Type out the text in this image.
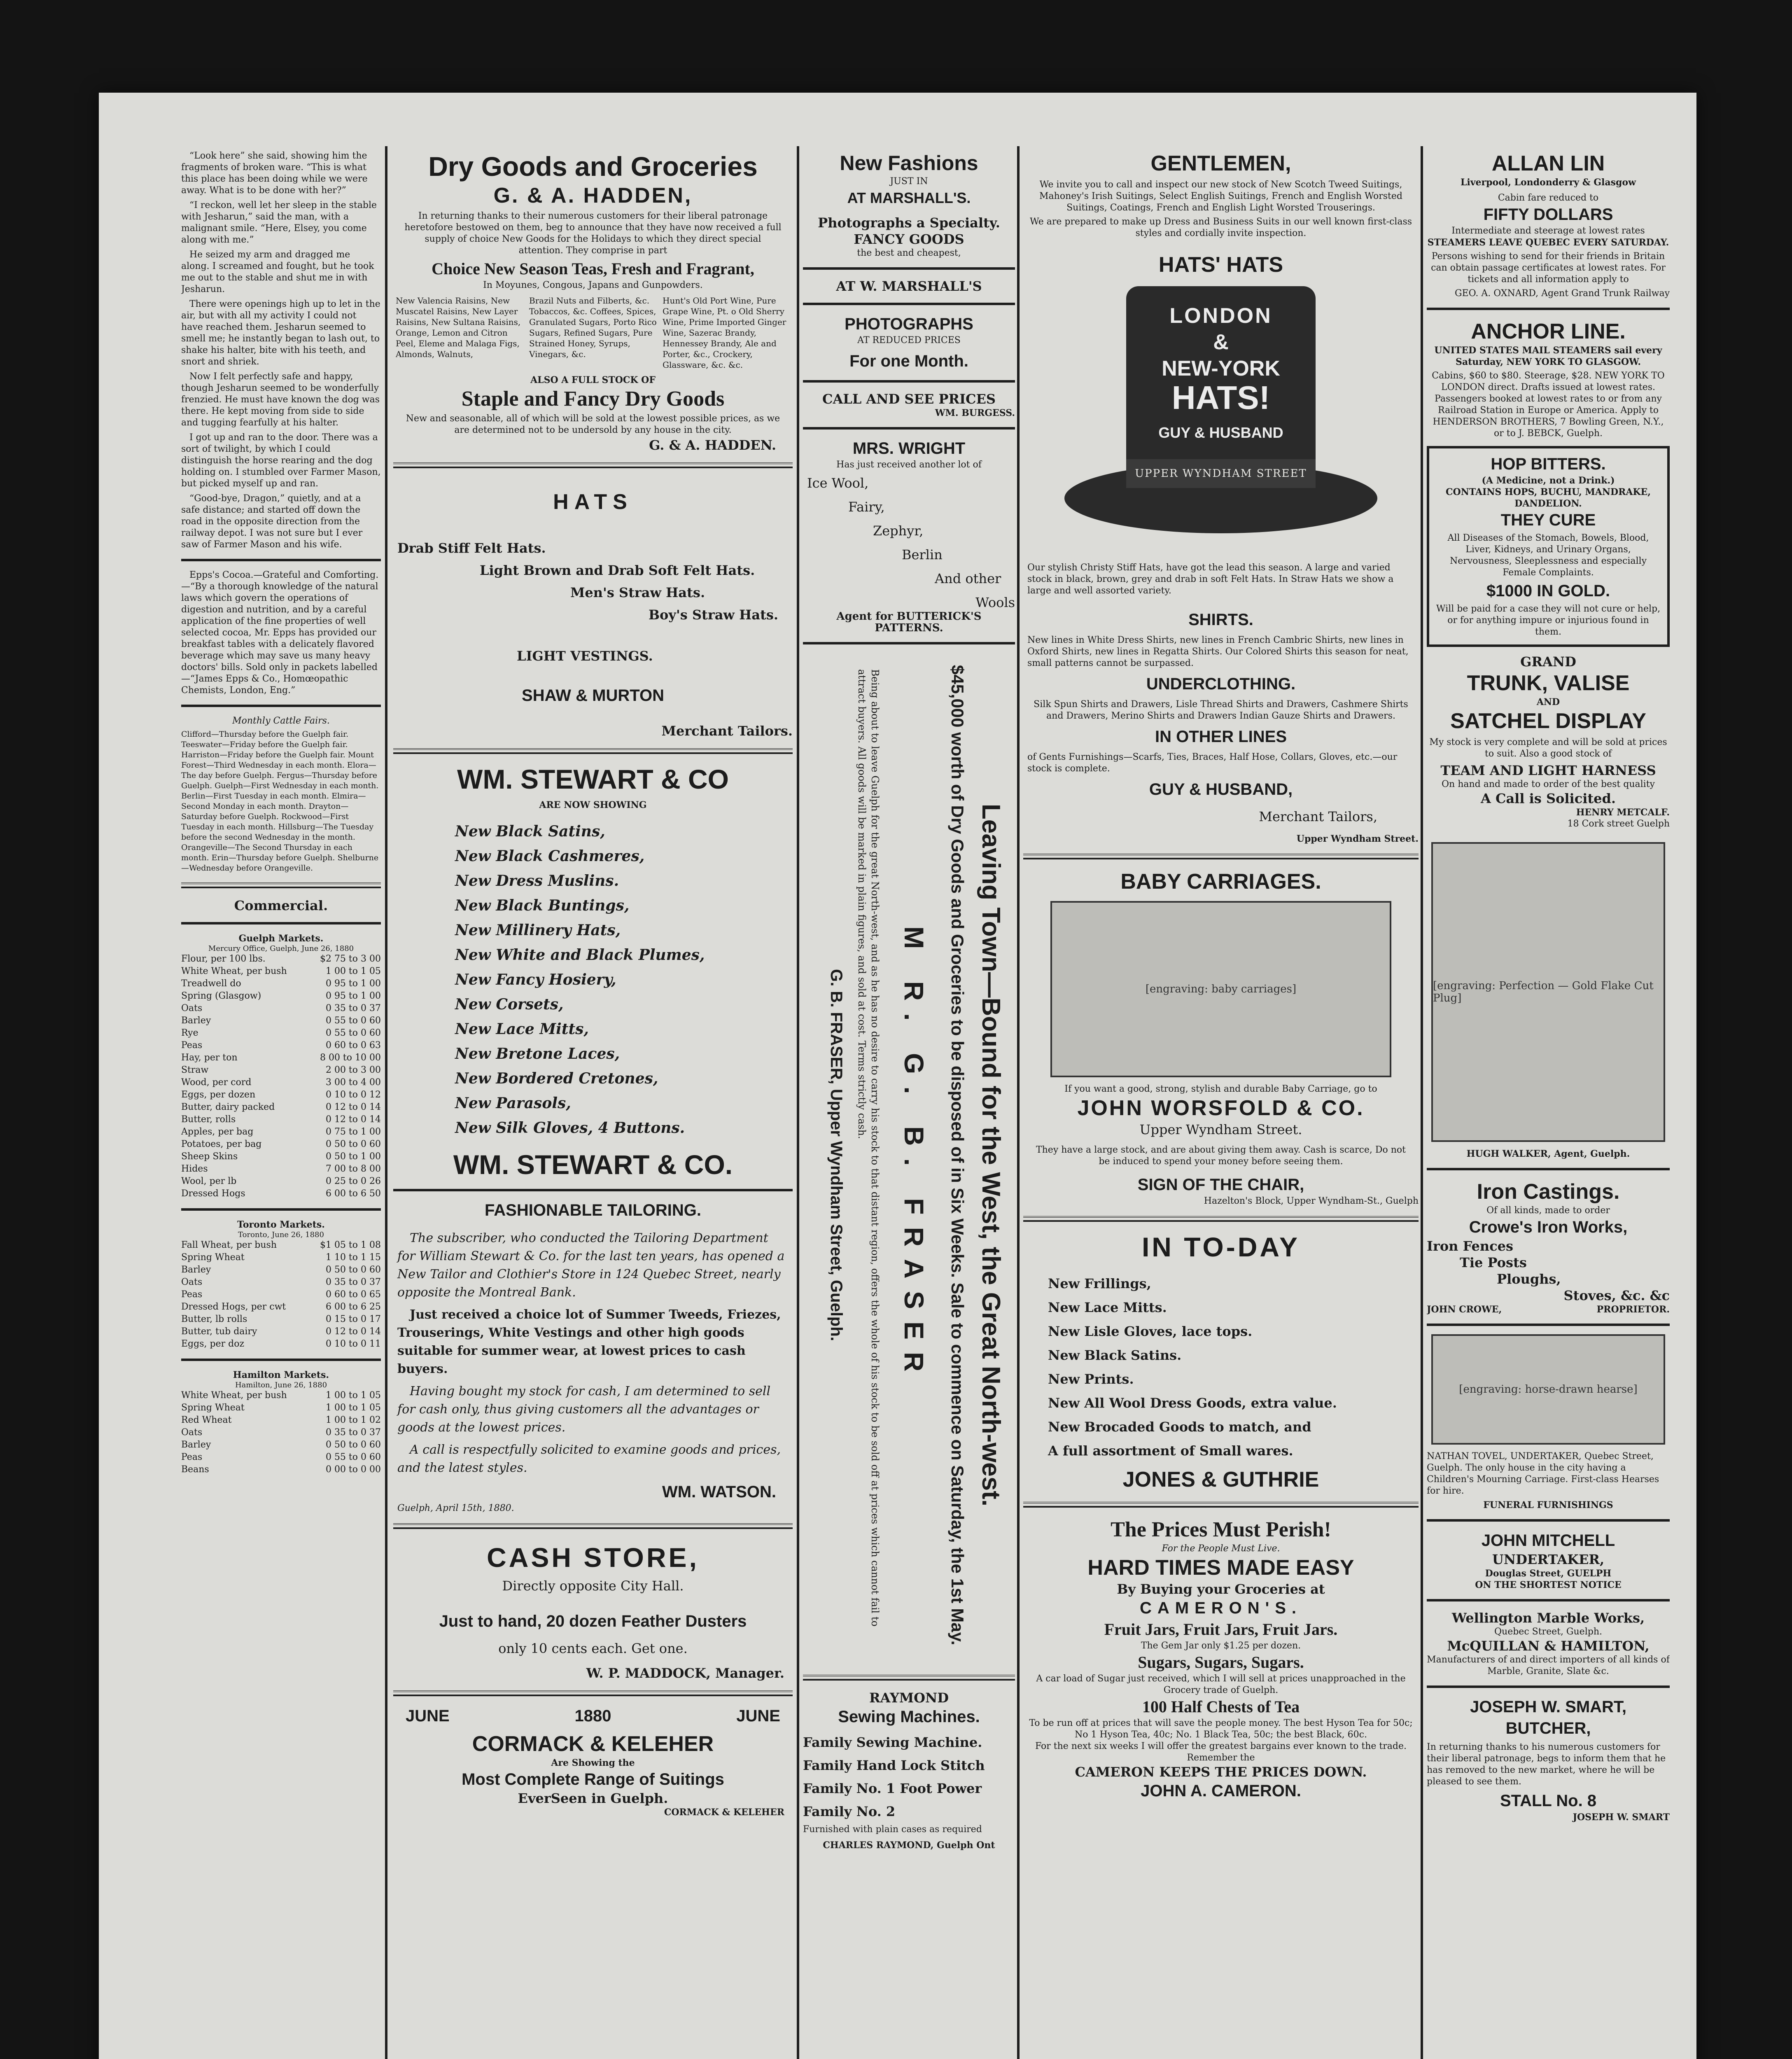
“Look here” she said, showing him the fragments of broken ware. “This is what this place has been doing while we were away. What is to be done with her?”

“I reckon, well let her sleep in the stable with Jesharun,” said the man, with a malignant smile. “Here, Elsey, you come along with me.”

He seized my arm and dragged me along. I screamed and fought, but he took me out to the stable and shut me in with Jesharun.

There were openings high up to let in the air, but with all my activity I could not have reached them. Jesharun seemed to smell me; he instantly began to lash out, to shake his halter, bite with his teeth, and snort and shriek.

Now I felt perfectly safe and happy, though Jesharun seemed to be wonderfully frenzied. He must have known the dog was there. He kept moving from side to side and tugging fearfully at his halter.

I got up and ran to the door. There was a sort of twilight, by which I could distinguish the horse rearing and the dog holding on. I stumbled over Farmer Mason, but picked myself up and ran.

“Good-bye, Dragon,” quietly, and at a safe distance; and started off down the road in the opposite direction from the railway depot. I was not sure but I ever saw of Farmer Mason and his wife.

Epps's Cocoa.—Grateful and Comforting.—“By a thorough knowledge of the natural laws which govern the operations of digestion and nutrition, and by a careful application of the fine properties of well selected cocoa, Mr. Epps has provided our breakfast tables with a delicately flavored beverage which may save us many heavy doctors' bills. Sold only in packets labelled—“James Epps & Co., Homœopathic Chemists, London, Eng.”

Monthly Cattle Fairs.

Clifford—Thursday before the Guelph fair. Teeswater—Friday before the Guelph fair. Harriston—Friday before the Guelph fair. Mount Forest—Third Wednesday in each month. Elora—The day before Guelph. Fergus—Thursday before Guelph. Guelph—First Wednesday in each month. Berlin—First Tuesday in each month. Elmira—Second Monday in each month. Drayton—Saturday before Guelph. Rockwood—First Tuesday in each month. Hillsburg—The Tuesday before the second Wednesday in the month. Orangeville—The Second Thursday in each month. Erin—Thursday before Guelph. Shelburne—Wednesday before Orangeville.

Commercial.
Guelph Markets.
Mercury Office, Guelph, June 26, 1880
Flour, per 100 lbs.	$2 75 to 3 00
White Wheat, per bush	1 00 to 1 05
Treadwell do	0 95 to 1 00
Spring (Glasgow)	0 95 to 1 00
Oats	0 35 to 0 37
Barley	0 55 to 0 60
Rye	0 55 to 0 60
Peas	0 60 to 0 63
Hay, per ton	8 00 to 10 00
Straw	2 00 to 3 00
Wood, per cord	3 00 to 4 00
Eggs, per dozen	0 10 to 0 12
Butter, dairy packed	0 12 to 0 14
Butter, rolls	0 12 to 0 14
Apples, per bag	0 75 to 1 00
Potatoes, per bag	0 50 to 0 60
Sheep Skins	0 50 to 1 00
Hides	7 00 to 8 00
Wool, per lb	0 25 to 0 26
Dressed Hogs	6 00 to 6 50
Toronto Markets.
Toronto, June 26, 1880
Fall Wheat, per bush	$1 05 to 1 08
Spring Wheat	1 10 to 1 15
Barley	0 50 to 0 60
Oats	0 35 to 0 37
Peas	0 60 to 0 65
Dressed Hogs, per cwt	6 00 to 6 25
Butter, lb rolls	0 15 to 0 17
Butter, tub dairy	0 12 to 0 14
Eggs, per doz	0 10 to 0 11
Hamilton Markets.
Hamilton, June 26, 1880
White Wheat, per bush	1 00 to 1 05
Spring Wheat	1 00 to 1 05
Red Wheat	1 00 to 1 02
Oats	0 35 to 0 37
Barley	0 50 to 0 60
Peas	0 55 to 0 60
Beans	0 00 to 0 00
Dry Goods and Groceries
G. & A. HADDEN,

In returning thanks to their numerous customers for their liberal patronage heretofore bestowed on them, beg to announce that they have now received a full supply of choice New Goods for the Holidays to which they direct special attention. They comprise in part

Choice New Season Teas, Fresh and Fragrant,
In Moyunes, Congous, Japans and Gunpowders.
New Valencia Raisins, New Muscatel Raisins, New Layer Raisins, New Sultana Raisins, Orange, Lemon and Citron Peel, Eleme and Malaga Figs, Almonds, Walnuts,
Brazil Nuts and Filberts, &c. Tobaccos, &c. Coffees, Spices, Granulated Sugars, Porto Rico Sugars, Refined Sugars, Pure Strained Honey, Syrups, Vinegars, &c.
Hunt's Old Port Wine, Pure Grape Wine, Pt. o Old Sherry Wine, Prime Imported Ginger Wine, Sazerac Brandy, Hennessey Brandy, Ale and Porter, &c., Crockery, Glassware, &c. &c.
ALSO A FULL STOCK OF
Staple and Fancy Dry Goods

New and seasonable, all of which will be sold at the lowest possible prices, as we are determined not to be undersold by any house in the city.

G. & A. HADDEN.
HATS
Drab Stiff Felt Hats.
Light Brown and Drab Soft Felt Hats.
Men's Straw Hats.
Boy's Straw Hats.
LIGHT VESTINGS.
SHAW & MURTON
Merchant Tailors.
WM. STEWART & CO
ARE NOW SHOWING
New Black Satins,
New Black Cashmeres,
New Dress Muslins.
New Black Buntings,
New Millinery Hats,
New White and Black Plumes,
New Fancy Hosiery,
New Corsets,
New Lace Mitts,
New Bretone Laces,
New Bordered Cretones,
New Parasols,
New Silk Gloves, 4 Buttons.
WM. STEWART & CO.
FASHIONABLE TAILORING.

The subscriber, who conducted the Tailoring Department for William Stewart & Co. for the last ten years, has opened a New Tailor and Clothier's Store in 124 Quebec Street, nearly opposite the Montreal Bank.

Just received a choice lot of Summer Tweeds, Friezes, Trouserings, White Vestings and other high goods suitable for summer wear, at lowest prices to cash buyers.

Having bought my stock for cash, I am determined to sell for cash only, thus giving customers all the advantages or goods at the lowest prices.

A call is respectfully solicited to examine goods and prices, and the latest styles.

WM. WATSON.
Guelph, April 15th, 1880.
CASH STORE,
Directly opposite City Hall.
Just to hand, 20 dozen Feather Dusters
only 10 cents each. Get one.
W. P. MADDOCK, Manager.
JUNE	1880	JUNE
CORMACK & KELEHER
Are Showing the
Most Complete Range of Suitings
EverSeen in Guelph.
CORMACK & KELEHER
New Fashions
JUST IN
AT MARSHALL'S.
Photographs a Specialty.
FANCY GOODS
the best and cheapest,
AT W. MARSHALL'S
PHOTOGRAPHS
AT REDUCED PRICES
For one Month.
CALL AND SEE PRICES
WM. BURGESS.
MRS. WRIGHT
Has just received another lot of
Ice Wool,
Fairy,
Zephyr,
Berlin
And other
Wools
Agent for BUTTERICK'S PATTERNS.
Leaving Town—Bound for the West, the Great North-west.
$45,000 worth of Dry Goods and Groceries to be disposed of in Six Weeks. Sale to commence on Saturday, the 1st May.
M R. G. B. FRASER

Being about to leave Guelph for the great North-west, and as he has no desire to carry his stock to that distant region, offers the whole of his stock to be sold off at prices which cannot fail to attract buyers. All goods will be marked in plain figures, and sold at cost. Terms strictly cash.

G. B. FRASER, Upper Wyndham Street, Guelph.
RAYMOND
Sewing Machines.
Family Sewing Machine.
Family Hand Lock Stitch
Family No. 1 Foot Power
Family No. 2
Furnished with plain cases as required
CHARLES RAYMOND, Guelph Ont
GENTLEMEN,

We invite you to call and inspect our new stock of New Scotch Tweed Suitings, Mahoney's Irish Suitings, Select English Suitings, French and English Worsted Suitings, Coatings, French and English Light Worsted Trouserings.

We are prepared to make up Dress and Business Suits in our well known first-class styles and cordially invite inspection.

HATS' HATS
LONDON
&
NEW-YORK
HATS!
GUY & HUSBAND
UPPER WYNDHAM STREET

Our stylish Christy Stiff Hats, have got the lead this season. A large and varied stock in black, brown, grey and drab in soft Felt Hats. In Straw Hats we show a large and well assorted variety.

SHIRTS.

New lines in White Dress Shirts, new lines in French Cambric Shirts, new lines in Oxford Shirts, new lines in Regatta Shirts. Our Colored Shirts this season for neat, small patterns cannot be surpassed.

UNDERCLOTHING.

Silk Spun Shirts and Drawers, Lisle Thread Shirts and Drawers, Cashmere Shirts and Drawers, Merino Shirts and Drawers Indian Gauze Shirts and Drawers.

IN OTHER LINES

of Gents Furnishings—Scarfs, Ties, Braces, Half Hose, Collars, Gloves, etc.—our stock is complete.

GUY & HUSBAND,
Merchant Tailors,
Upper Wyndham Street.
BABY CARRIAGES.
[engraving: baby carriages]
If you want a good, strong, stylish and durable Baby Carriage, go to
JOHN WORSFOLD & CO.
Upper Wyndham Street.

They have a large stock, and are about giving them away. Cash is scarce, Do not be induced to spend your money before seeing them.

SIGN OF THE CHAIR,
Hazelton's Block, Upper Wyndham-St., Guelph
IN TO-DAY
New Frillings,
New Lace Mitts.
New Lisle Gloves, lace tops.
New Black Satins.
New Prints.
New All Wool Dress Goods, extra value.
New Brocaded Goods to match, and
A full assortment of Small wares.
JONES & GUTHRIE
The Prices Must Perish!
For the People Must Live.
HARD TIMES MADE EASY
By Buying your Groceries at
CAMERON'S.
Fruit Jars, Fruit Jars, Fruit Jars.
The Gem Jar only $1.25 per dozen.
Sugars, Sugars, Sugars.
A car load of Sugar just received, which I will sell at prices unapproached in the Grocery trade of Guelph.
100 Half Chests of Tea
To be run off at prices that will save the people money. The best Hyson Tea for 50c; No 1 Hyson Tea, 40c; No. 1 Black Tea, 50c; the best Black, 60c.
For the next six weeks I will offer the greatest bargains ever known to the trade. Remember the
CAMERON KEEPS THE PRICES DOWN.
JOHN A. CAMERON.
ALLAN LIN
Liverpool, Londonderry & Glasgow
Cabin fare reduced to
FIFTY DOLLARS
Intermediate and steerage at lowest rates
STEAMERS LEAVE QUEBEC EVERY SATURDAY.

Persons wishing to send for their friends in Britain can obtain passage certificates at lowest rates. For tickets and all information apply to

GEO. A. OXNARD, Agent Grand Trunk Railway
ANCHOR LINE.
UNITED STATES MAIL STEAMERS sail every Saturday, NEW YORK TO GLASGOW.

Cabins, $60 to $80. Steerage, $28. NEW YORK TO LONDON direct. Drafts issued at lowest rates. Passengers booked at lowest rates to or from any Railroad Station in Europe or America. Apply to HENDERSON BROTHERS, 7 Bowling Green, N.Y., or to J. BEBCK, Guelph.

HOP BITTERS.
(A Medicine, not a Drink.)
CONTAINS HOPS, BUCHU, MANDRAKE, DANDELION.
THEY CURE

All Diseases of the Stomach, Bowels, Blood, Liver, Kidneys, and Urinary Organs, Nervousness, Sleeplessness and especially Female Complaints.

$1000 IN GOLD.

Will be paid for a case they will not cure or help, or for anything impure or injurious found in them.

GRAND
TRUNK, VALISE
AND
SATCHEL DISPLAY

My stock is very complete and will be sold at prices to suit. Also a good stock of

TEAM AND LIGHT HARNESS
On hand and made to order of the best quality
A Call is Solicited.
HENRY METCALF.
18 Cork street Guelph
[engraving: Perfection — Gold Flake Cut Plug]
HUGH WALKER, Agent, Guelph.
Iron Castings.
Of all kinds, made to order
Crowe's Iron Works,
Iron Fences
Tie Posts
Ploughs,
Stoves, &c. &c
JOHN CROWE,	PROPRIETOR.
[engraving: horse-drawn hearse]

NATHAN TOVEL, UNDERTAKER, Quebec Street, Guelph. The only house in the city having a Children's Mourning Carriage. First-class Hearses for hire.

FUNERAL FURNISHINGS
JOHN MITCHELL
UNDERTAKER,
Douglas Street, GUELPH
ON THE SHORTEST NOTICE
Wellington Marble Works,
Quebec Street, Guelph.
McQUILLAN & HAMILTON,
Manufacturers of and direct importers of all kinds of Marble, Granite, Slate &c.
JOSEPH W. SMART,
BUTCHER,

In returning thanks to his numerous customers for their liberal patronage, begs to inform them that he has removed to the new market, where he will be pleased to see them.

STALL No. 8
JOSEPH W. SMART
